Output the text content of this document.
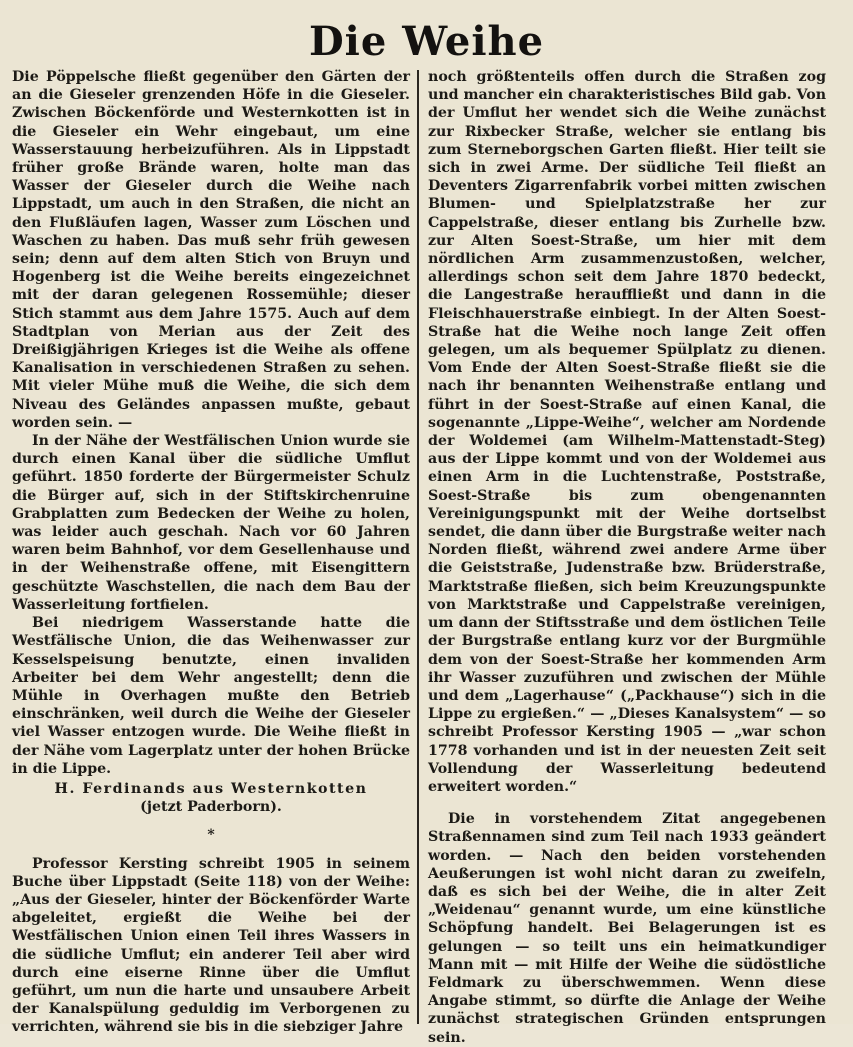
Die Weihe

Die Pöppelsche fließt gegenüber den Gärten der an die Gieseler grenzenden Höfe in die Gieseler. Zwischen Böckenförde und Westernkotten ist in die Gieseler ein Wehr eingebaut, um eine Wasserstauung herbeizuführen. Als in Lippstadt früher große Brände waren, holte man das Wasser der Gieseler durch die Weihe nach Lippstadt, um auch in den Straßen, die nicht an den Flußläufen lagen, Wasser zum Löschen und Waschen zu haben. Das muß sehr früh gewesen sein; denn auf dem alten Stich von Bruyn und Hogenberg ist die Weihe bereits eingezeichnet mit der daran gelegenen Rossemühle; dieser Stich stammt aus dem Jahre 1575. Auch auf dem Stadtplan von Merian aus der Zeit des Dreißigjährigen Krieges ist die Weihe als offene Kanalisation in verschiedenen Straßen zu sehen. Mit vieler Mühe muß die Weihe, die sich dem Niveau des Geländes anpassen mußte, gebaut worden sein. —

In der Nähe der Westfälischen Union wurde sie durch einen Kanal über die südliche Umflut geführt. 1850 forderte der Bürgermeister Schulz die Bürger auf, sich in der Stiftskirchenruine Grabplatten zum Bedecken der Weihe zu holen, was leider auch geschah. Nach vor 60 Jahren waren beim Bahnhof, vor dem Gesellenhause und in der Weihenstraße offene, mit Eisengittern geschützte Waschstellen, die nach dem Bau der Wasserleitung fortfielen.

Bei niedrigem Wasserstande hatte die Westfälische Union, die das Weihenwasser zur Kesselspeisung benutzte, einen invaliden Arbeiter bei dem Wehr angestellt; denn die Mühle in Overhagen mußte den Betrieb einschränken, weil durch die Weihe der Gieseler viel Wasser entzogen wurde. Die Weihe fließt in der Nähe vom Lagerplatz unter der hohen Brücke in die Lippe.

H. Ferdinands aus Westernkotten

(jetzt Paderborn).

*

Professor Kersting schreibt 1905 in seinem Buche über Lippstadt (Seite 118) von der Weihe: „Aus der Gieseler, hinter der Böckenförder Warte abgeleitet, ergießt die Weihe bei der Westfälischen Union einen Teil ihres Wassers in die südliche Umflut; ein anderer Teil aber wird durch eine eiserne Rinne über die Umflut geführt, um nun die harte und unsaubere Arbeit der Kanalspülung geduldig im Verborgenen zu verrichten, während sie bis in die siebziger Jahre

noch größtenteils offen durch die Straßen zog und mancher ein charakteristisches Bild gab. Von der Umflut her wendet sich die Weihe zunächst zur Rixbecker Straße, welcher sie entlang bis zum Sterneborgschen Garten fließt. Hier teilt sie sich in zwei Arme. Der südliche Teil fließt an Deventers Zigarrenfabrik vorbei mitten zwischen Blumen- und Spielplatzstraße her zur Cappelstraße, dieser entlang bis Zurhelle bzw. zur Alten Soest-Straße, um hier mit dem nördlichen Arm zusammenzustoßen, welcher, allerdings schon seit dem Jahre 1870 bedeckt, die Langestraße herauffließt und dann in die Fleischhauerstraße einbiegt. In der Alten Soest-Straße hat die Weihe noch lange Zeit offen gelegen, um als bequemer Spülplatz zu dienen. Vom Ende der Alten Soest-Straße fließt sie die nach ihr benannten Weihenstraße entlang und führt in der Soest-Straße auf einen Kanal, die sogenannte „Lippe-Weihe“, welcher am Nordende der Woldemei (am Wilhelm-Mattenstadt-Steg) aus der Lippe kommt und von der Woldemei aus einen Arm in die Luchtenstraße, Poststraße, Soest-Straße bis zum obengenannten Vereinigungspunkt mit der Weihe dortselbst sendet, die dann über die Burgstraße weiter nach Norden fließt, während zwei andere Arme über die Geiststraße, Judenstraße bzw. Brüderstraße, Marktstraße fließen, sich beim Kreuzungspunkte von Marktstraße und Cappelstraße vereinigen, um dann der Stiftsstraße und dem östlichen Teile der Burgstraße entlang kurz vor der Burgmühle dem von der Soest-Straße her kommenden Arm ihr Wasser zuzuführen und zwischen der Mühle und dem „Lagerhause“ („Packhause“) sich in die Lippe zu ergießen.“ — „Dieses Kanalsystem“ — so schreibt Professor Kersting 1905 — „war schon 1778 vorhanden und ist in der neuesten Zeit seit Vollendung der Wasserleitung bedeutend erweitert worden.“

Die in vorstehendem Zitat angegebenen Straßennamen sind zum Teil nach 1933 geändert worden. — Nach den beiden vorstehenden Aeußerungen ist wohl nicht daran zu zweifeln, daß es sich bei der Weihe, die in alter Zeit „Weidenau“ genannt wurde, um eine künstliche Schöpfung handelt. Bei Belagerungen ist es gelungen — so teilt uns ein heimatkundiger Mann mit — mit Hilfe der Weihe die südöstliche Feldmark zu überschwemmen. Wenn diese Angabe stimmt, so dürfte die Anlage der Weihe zunächst strategischen Gründen entsprungen sein.
